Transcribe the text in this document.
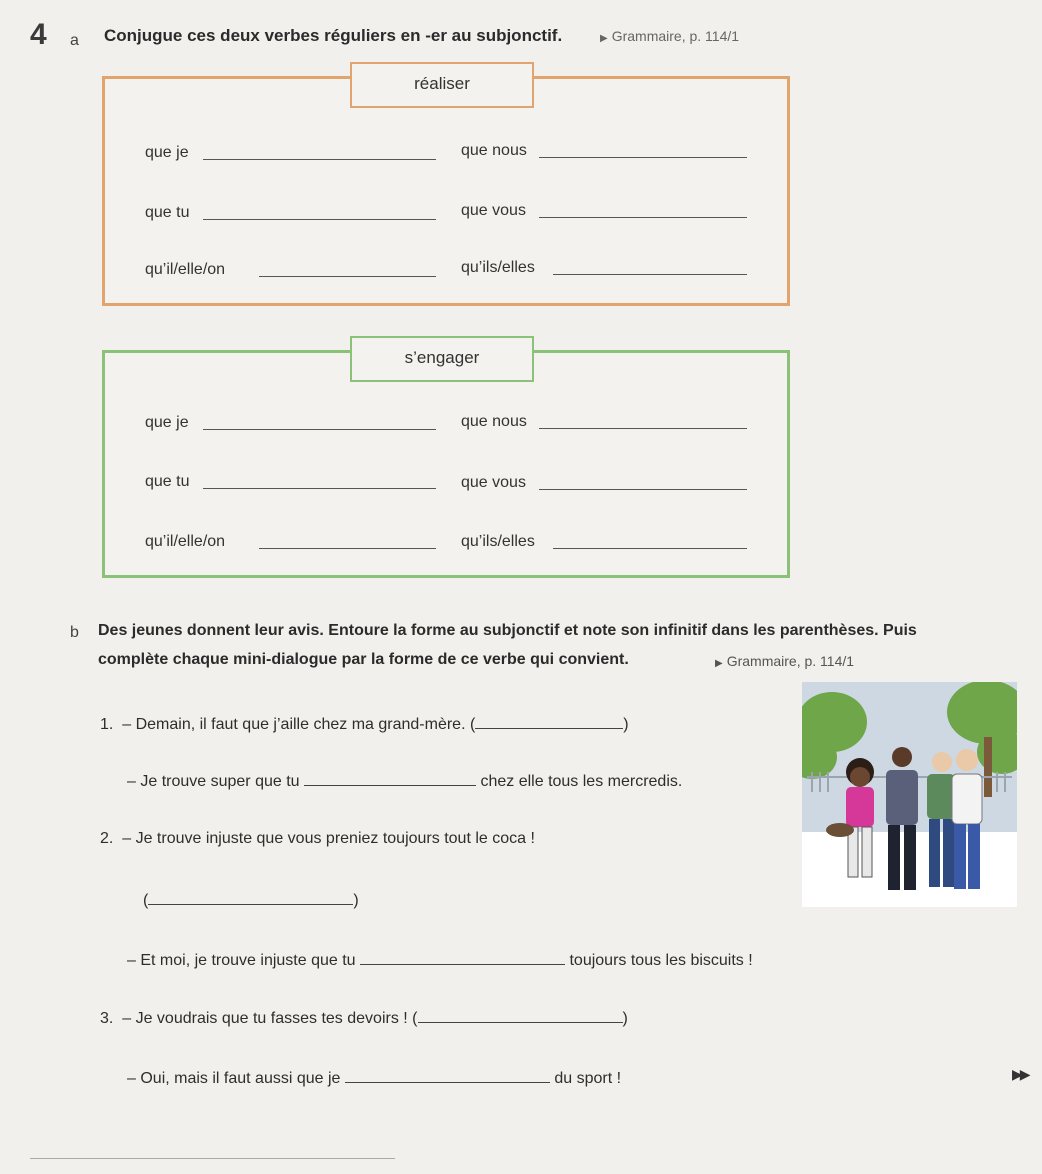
4 a Conjugue ces deux verbes réguliers en -er au subjonctif.	▶ Grammaire, p. 114/1
que je	que nous
que tu	que vous
qu’il/elle/on	qu’ils/elles
réaliser
que je	que nous
que tu	que vous
qu’il/elle/on	qu’ils/elles
s’engager
b Des jeunes donnent leur avis. Entoure la forme au subjonctif et note son infinitif dans les parenthèses. Puis
complète chaque mini-dialogue par la forme de ce verbe qui convient.	▶ Grammaire, p. 114/1
1. – Demain, il faut que j’aille chez ma grand-mère. (	)
– Je trouve super que tu	chez elle tous les mercredis.
2. – Je trouve injuste que vous preniez toujours tout le coca !
(	)
– Et moi, je trouve injuste que tu	toujours tous les biscuits !
3. – Je voudrais que tu fasses tes devoirs ! (	)
– Oui, mais il faut aussi que je	du sport !	▶▶
